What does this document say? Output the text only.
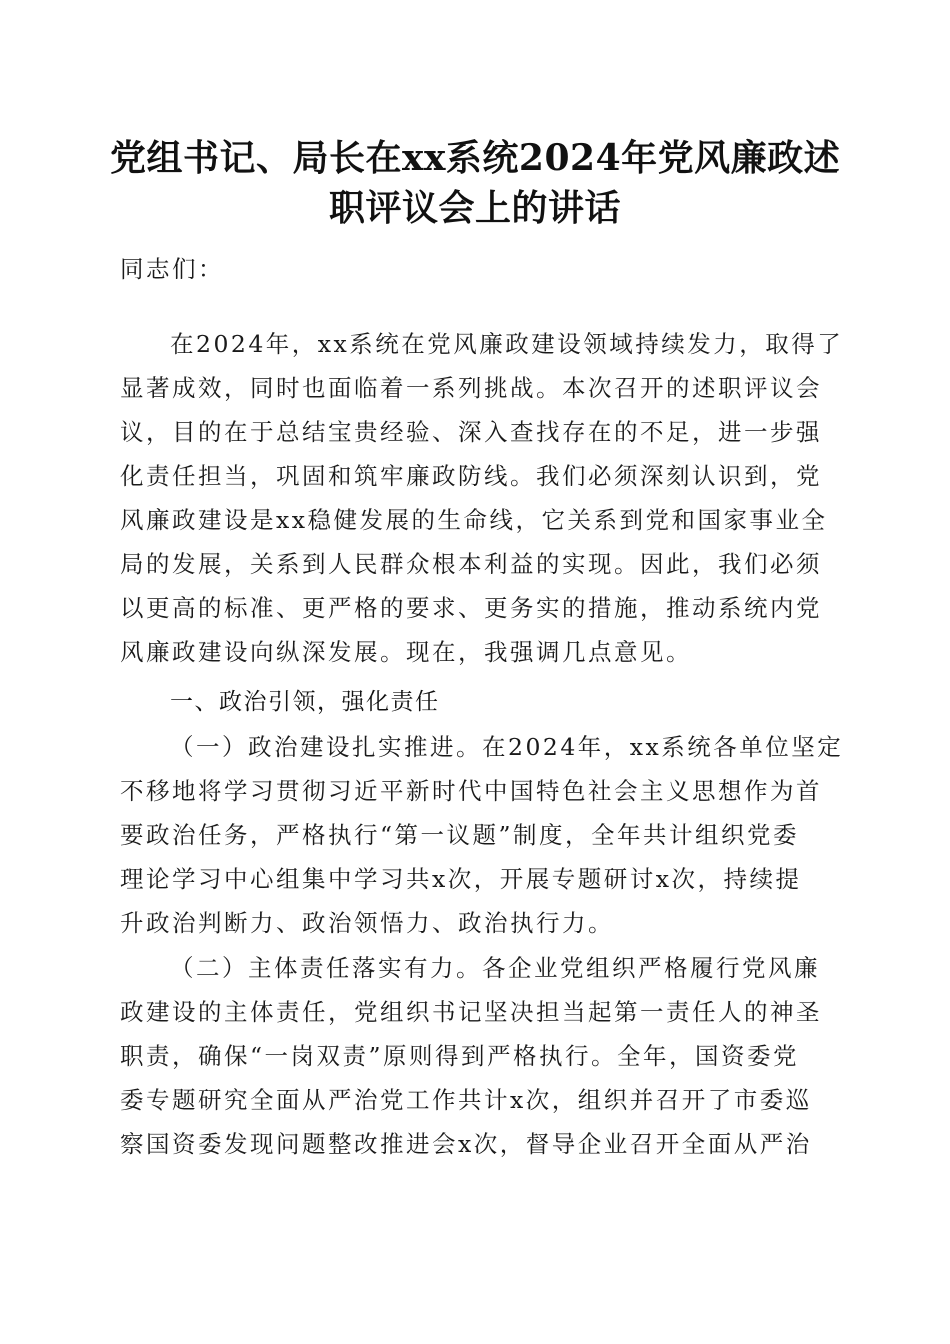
党组书记、局长在xx系统2024年党风廉政述
职评议会上的讲话
同志们：
在2024年，xx系统在党风廉政建设领域持续发力，取得了
显著成效，同时也面临着一系列挑战。本次召开的述职评议会
议，目的在于总结宝贵经验、深入查找存在的不足，进一步强
化责任担当，巩固和筑牢廉政防线。我们必须深刻认识到，党
风廉政建设是xx稳健发展的生命线，它关系到党和国家事业全
局的发展，关系到人民群众根本利益的实现。因此，我们必须
以更高的标准、更严格的要求、更务实的措施，推动系统内党
风廉政建设向纵深发展。现在，我强调几点意见。
一、政治引领，强化责任
（一）政治建设扎实推进。在2024年，xx系统各单位坚定
不移地将学习贯彻习近平新时代中国特色社会主义思想作为首
要政治任务，严格执行“第一议题”制度，全年共计组织党委
理论学习中心组集中学习共x次，开展专题研讨x次，持续提
升政治判断力、政治领悟力、政治执行力。
（二）主体责任落实有力。各企业党组织严格履行党风廉
政建设的主体责任，党组织书记坚决担当起第一责任人的神圣
职责，确保“一岗双责”原则得到严格执行。全年，国资委党
委专题研究全面从严治党工作共计x次，组织并召开了市委巡
察国资委发现问题整改推进会x次，督导企业召开全面从严治
